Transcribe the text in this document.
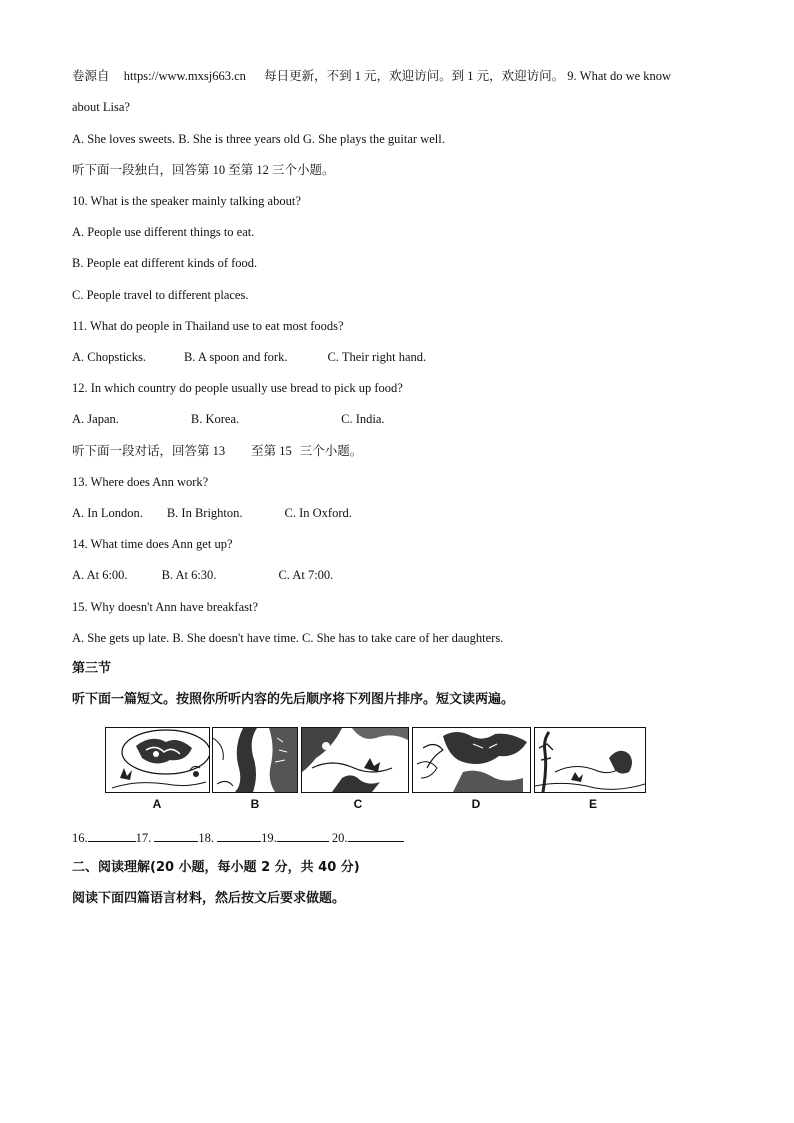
卷源自 https://www.mxsj663.cn 每日更新，不到 1 元，欢迎访问。到 1 元，欢迎访问。 9. What do we know
about Lisa?
A. She loves sweets. B. She is three years old G. She plays the guitar well.
听下面一段独白，回答第 10 至第 12 三个小题。
10. What is the speaker mainly talking about?
A. People use different things to eat.
B. People eat different kinds of food.
C. People travel to different places.
11. What do people in Thailand use to eat most foods?
A. Chopsticks.	B. A spoon and fork.	C. Their right hand.
12. In which country do people usually use bread to pick up food?
A. Japan.	B. Korea.	C. India.
听下面一段对话，回答第 13 至第 15 三个小题。
13. Where does Ann work?
A. In London. B. In Brighton.	C. In Oxford.
14. What time does Ann get up?
A. At 6:00.	B. At 6:30.	C. At 7:00.
15. Why doesn't Ann have breakfast?
A. She gets up late. B. She doesn't have time. C. She has to take care of her daughters.
第三节
听下面一篇短文。按照你所听内容的先后顺序将下列图片排序。短文读两遍。
A	B	C	D	E
16.	17.	18.	19.	20.
二、阅读理解(20 小题，每小题 2 分，共 40 分)
阅读下面四篇语言材料，然后按文后要求做题。
